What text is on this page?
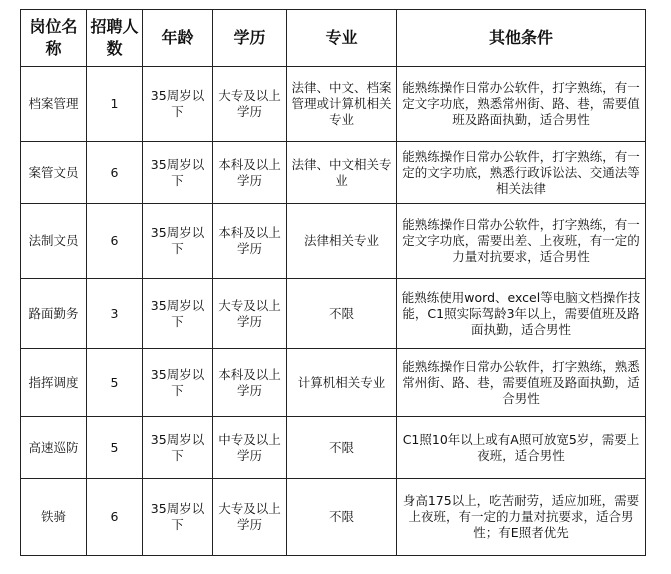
岗位名称	招聘人数	年龄	学历	专业	其他条件
档案管理	1	35周岁以下	大专及以上学历	法律、中文、档案管理或计算机相关专业	能熟练操作日常办公软件，打字熟练，有一定文字功底，熟悉常州街、路、巷，需要值班及路面执勤，适合男性
案管文员	6	35周岁以下	本科及以上学历	法律、中文相关专业	能熟练操作日常办公软件，打字熟练，有一定的文字功底，熟悉行政诉讼法、交通法等相关法律
法制文员	6	35周岁以下	本科及以上学历	法律相关专业	能熟练操作日常办公软件，打字熟练，有一定文字功底，需要出差、上夜班，有一定的力量对抗要求，适合男性
路面勤务	3	35周岁以下	大专及以上学历	不限	能熟练使用word、excel等电脑文档操作技能，C1照实际驾龄3年以上，需要值班及路面执勤，适合男性
指挥调度	5	35周岁以下	本科及以上学历	计算机相关专业	能熟练操作日常办公软件，打字熟练，熟悉常州街、路、巷，需要值班及路面执勤，适合男性
高速巡防	5	35周岁以下	中专及以上学历	不限	C1照10年以上或有A照可放宽5岁，需要上夜班，适合男性
铁骑	6	35周岁以下	大专及以上学历	不限	身高175以上，吃苦耐劳，适应加班，需要上夜班，有一定的力量对抗要求，适合男性；有E照者优先
